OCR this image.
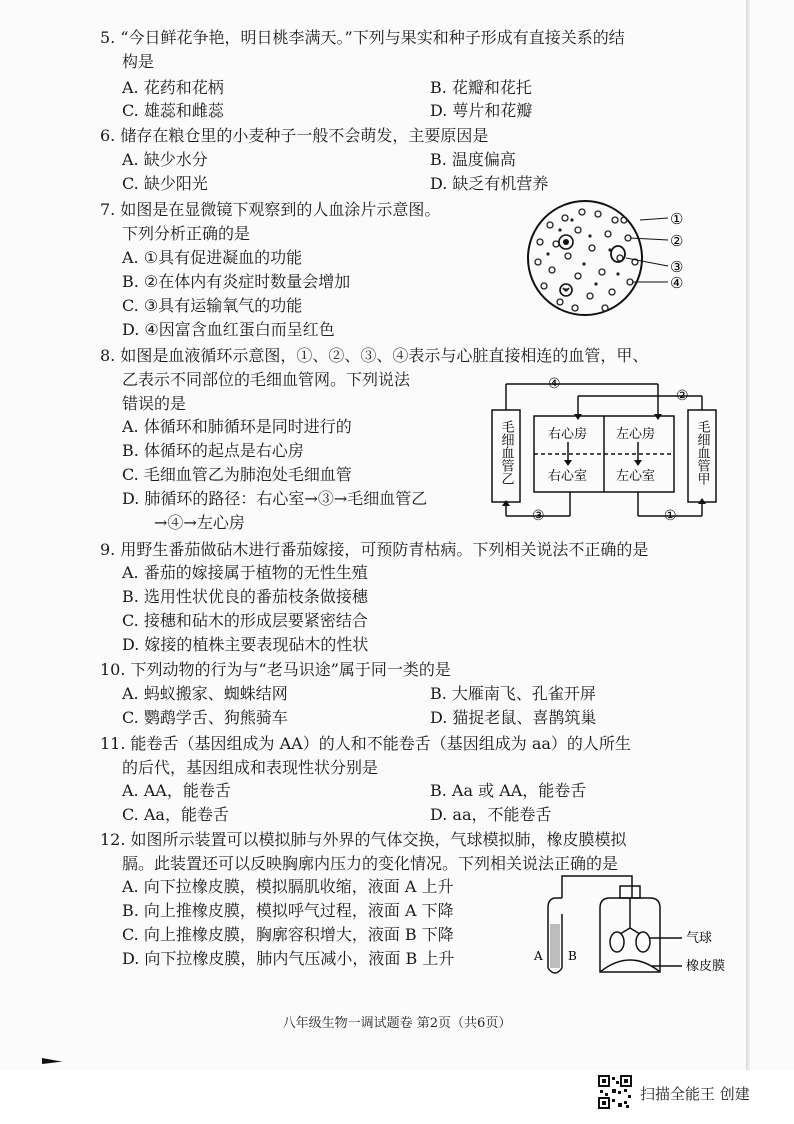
5. “今日鲜花争艳，明日桃李满天。”下列与果实和种子形成有直接关系的结
构是
A. 花药和花柄	B. 花瓣和花托
C. 雄蕊和雌蕊	D. 萼片和花瓣
6. 储存在粮仓里的小麦种子一般不会萌发，主要原因是
A. 缺少水分	B. 温度偏高
C. 缺少阳光	D. 缺乏有机营养
7. 如图是在显微镜下观察到的人血涂片示意图。
下列分析正确的是
A. ①具有促进凝血的功能
B. ②在体内有炎症时数量会增加
C. ③具有运输氧气的功能
D. ④因富含血红蛋白而呈红色
①
②
③
④
8. 如图是血液循环示意图，①、②、③、④表示与心脏直接相连的血管，甲、
乙表示不同部位的毛细血管网。下列说法
错误的是
A. 体循环和肺循环是同时进行的
B. 体循环的起点是右心房
C. 毛细血管乙为肺泡处毛细血管
D. 肺循环的路径：右心室→③→毛细血管乙
→④→左心房
④
②
③	①
右心房 左心房
右心室 左心室
毛细血管乙	毛细血管甲
9. 用野生番茄做砧木进行番茄嫁接，可预防青枯病。下列相关说法不正确的是
A. 番茄的嫁接属于植物的无性生殖
B. 选用性状优良的番茄枝条做接穗
C. 接穗和砧木的形成层要紧密结合
D. 嫁接的植株主要表现砧木的性状
10. 下列动物的行为与“老马识途”属于同一类的是
A. 蚂蚁搬家、蜘蛛结网	B. 大雁南飞、孔雀开屏
C. 鹦鹉学舌、狗熊骑车	D. 猫捉老鼠、喜鹊筑巢
11. 能卷舌（基因组成为 AA）的人和不能卷舌（基因组成为 aa）的人所生
的后代，基因组成和表现性状分别是
A. AA，能卷舌	B. Aa 或 AA，能卷舌
C. Aa，能卷舌	D. aa，不能卷舌
12. 如图所示装置可以模拟肺与外界的气体交换，气球模拟肺，橡皮膜模拟
膈。此装置还可以反映胸廓内压力的变化情况。下列相关说法正确的是
A. 向下拉橡皮膜，模拟膈肌收缩，液面 A 上升
B. 向上推橡皮膜，模拟呼气过程，液面 A 下降
C. 向上推橡皮膜，胸廓容积增大，液面 B 下降
D. 向下拉橡皮膜，肺内气压减小，液面 B 上升	A B
气球
橡皮膜
八年级生物一调试题卷 第2页（共6页）
扫描全能王 创建
